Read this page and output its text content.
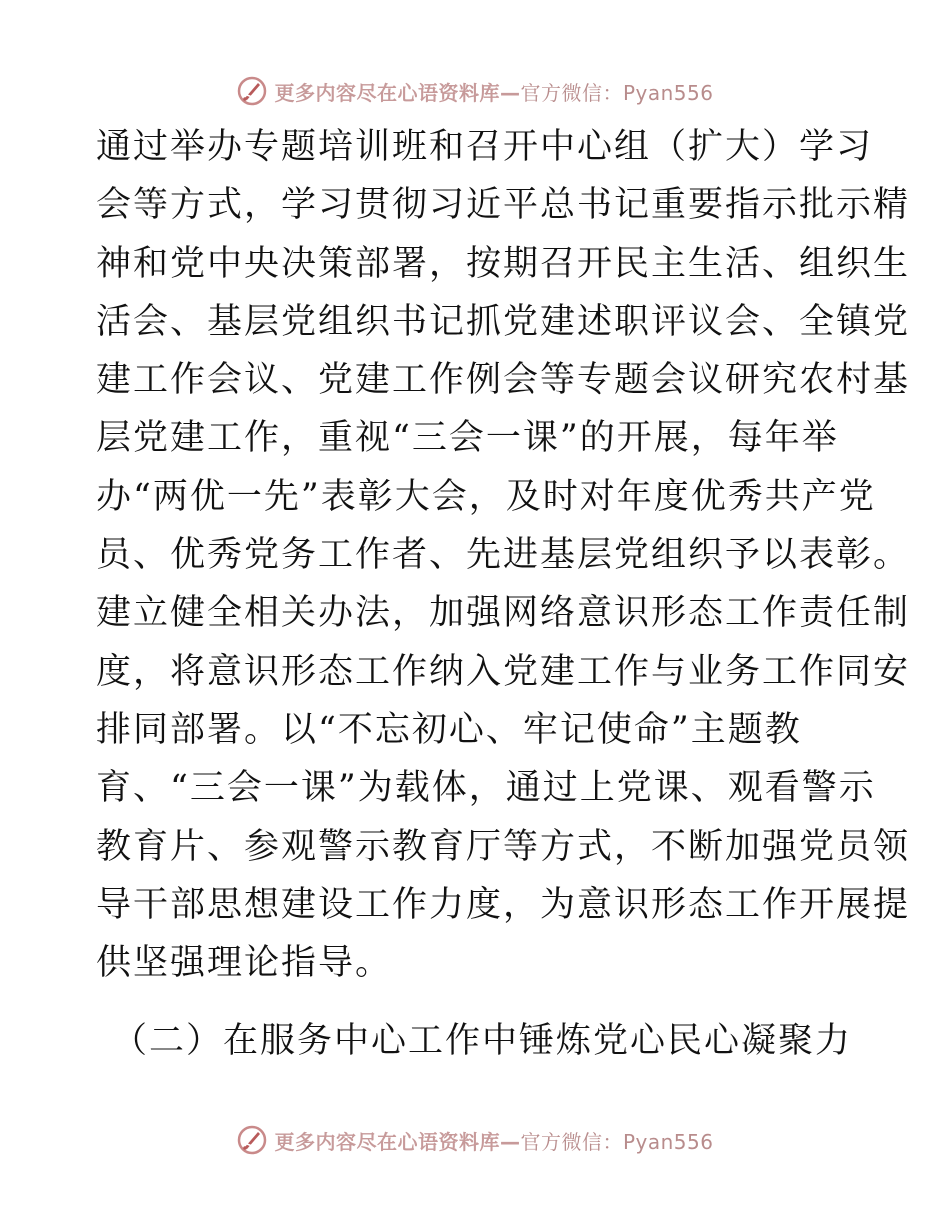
更多内容尽在心语资料库—官方微信：Pyan556
通过举办专题培训班和召开中心组（扩大）学习
会等方式，学习贯彻习近平总书记重要指示批示精
神和党中央决策部署，按期召开民主生活、组织生
活会、基层党组织书记抓党建述职评议会、全镇党
建工作会议、党建工作例会等专题会议研究农村基
层党建工作，重视“三会一课”的开展，每年举
办“两优一先”表彰大会，及时对年度优秀共产党
员、优秀党务工作者、先进基层党组织予以表彰。
建立健全相关办法，加强网络意识形态工作责任制
度，将意识形态工作纳入党建工作与业务工作同安
排同部署。以“不忘初心、牢记使命”主题教
育、“三会一课”为载体，通过上党课、观看警示
教育片、参观警示教育厅等方式，不断加强党员领
导干部思想建设工作力度，为意识形态工作开展提
供坚强理论指导。
（二）在服务中心工作中锤炼党心民心凝聚力
更多内容尽在心语资料库—官方微信：Pyan556
